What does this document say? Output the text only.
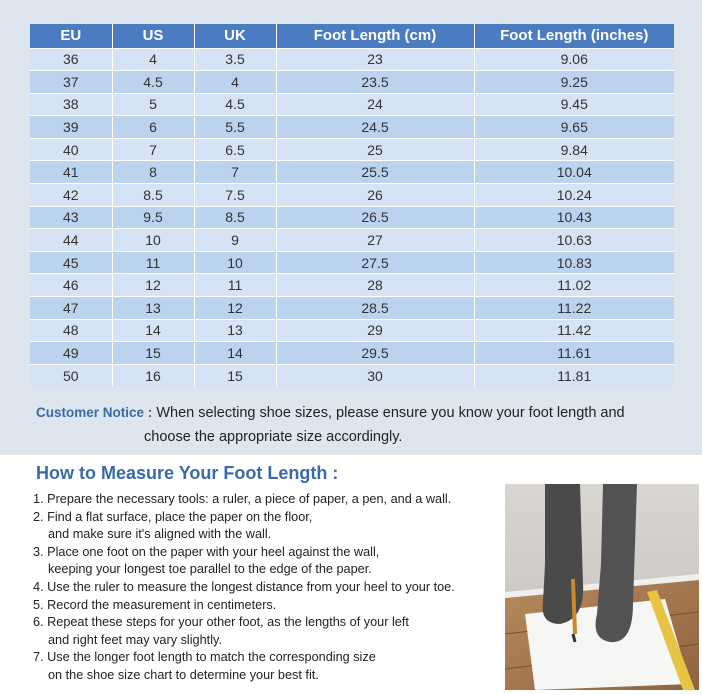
EU	US	UK	Foot Length (cm)	Foot Length (inches)
36	4	3.5	23	9.06
37	4.5	4	23.5	9.25
38	5	4.5	24	9.45
39	6	5.5	24.5	9.65
40	7	6.5	25	9.84
41	8	7	25.5	10.04
42	8.5	7.5	26	10.24
43	9.5	8.5	26.5	10.43
44	10	9	27	10.63
45	11	10	27.5	10.83
46	12	11	28	11.02
47	13	12	28.5	11.22
48	14	13	29	11.42
49	15	14	29.5	11.61
50	16	15	30	11.81
Customer Notice : When selecting shoe sizes, please ensure you know your foot length and
choose the appropriate size accordingly.
How to Measure Your Foot Length :
1. Prepare the necessary tools: a ruler, a piece of paper, a pen, and a wall.
2. Find a flat surface, place the paper on the floor,
and make sure it's aligned with the wall.
3. Place one foot on the paper with your heel against the wall,
keeping your longest toe parallel to the edge of the paper.
4. Use the ruler to measure the longest distance from your heel to your toe.
5. Record the measurement in centimeters.
6. Repeat these steps for your other foot, as the lengths of your left
and right feet may vary slightly.
7. Use the longer foot length to match the corresponding size
on the shoe size chart to determine your best fit.
